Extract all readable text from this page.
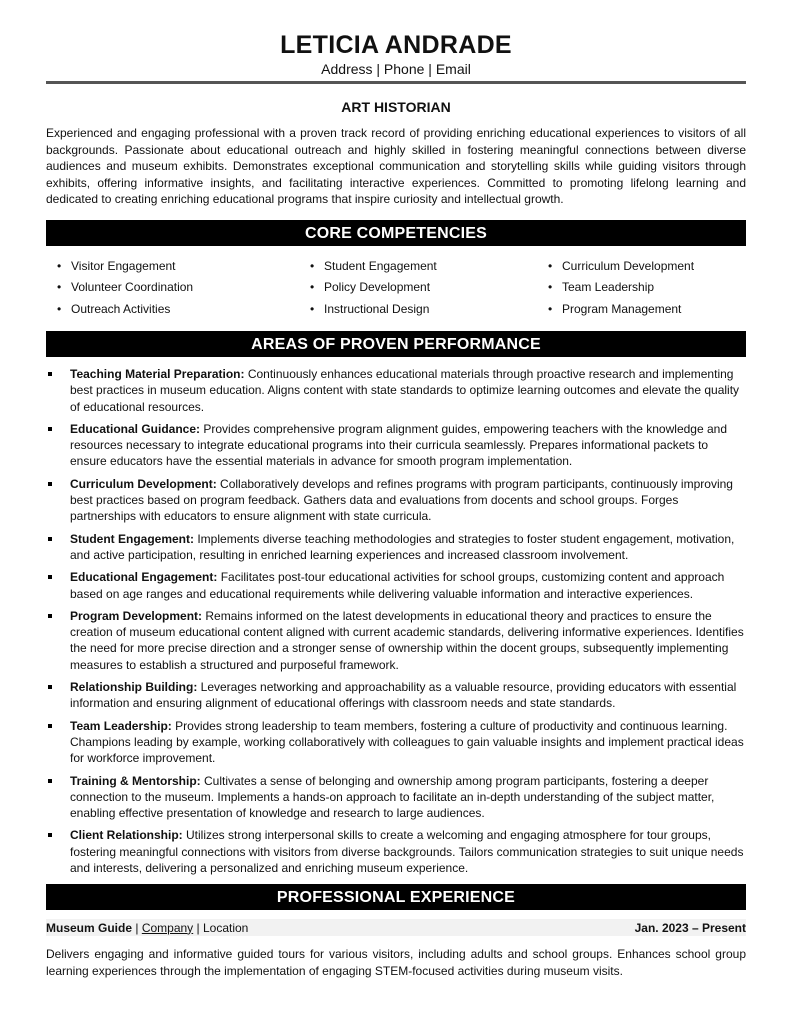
LETICIA ANDRADE
Address | Phone | Email
ART HISTORIAN
Experienced and engaging professional with a proven track record of providing enriching educational experiences to visitors of all backgrounds. Passionate about educational outreach and highly skilled in fostering meaningful connections between diverse audiences and museum exhibits. Demonstrates exceptional communication and storytelling skills while guiding visitors through exhibits, offering informative insights, and facilitating interactive experiences. Committed to promoting lifelong learning and dedicated to creating enriching educational programs that inspire curiosity and intellectual growth.
CORE COMPETENCIES
• Visitor Engagement
• Volunteer Coordination
• Outreach Activities
• Student Engagement
• Policy Development
• Instructional Design
• Curriculum Development
• Team Leadership
• Program Management
AREAS OF PROVEN PERFORMANCE
Teaching Material Preparation: Continuously enhances educational materials through proactive research and implementing best practices in museum education. Aligns content with state standards to optimize learning outcomes and elevate the quality of educational resources.
Educational Guidance: Provides comprehensive program alignment guides, empowering teachers with the knowledge and resources necessary to integrate educational programs into their curricula seamlessly. Prepares informational packets to ensure educators have the essential materials in advance for smooth program implementation.
Curriculum Development: Collaboratively develops and refines programs with program participants, continuously improving best practices based on program feedback. Gathers data and evaluations from docents and school groups. Forges partnerships with educators to ensure alignment with state curricula.
Student Engagement: Implements diverse teaching methodologies and strategies to foster student engagement, motivation, and active participation, resulting in enriched learning experiences and increased classroom involvement.
Educational Engagement: Facilitates post-tour educational activities for school groups, customizing content and approach based on age ranges and educational requirements while delivering valuable information and interactive experiences.
Program Development: Remains informed on the latest developments in educational theory and practices to ensure the creation of museum educational content aligned with current academic standards, delivering informative experiences. Identifies the need for more precise direction and a stronger sense of ownership within the docent groups, subsequently implementing measures to establish a structured and purposeful framework.
Relationship Building: Leverages networking and approachability as a valuable resource, providing educators with essential information and ensuring alignment of educational offerings with classroom needs and state standards.
Team Leadership: Provides strong leadership to team members, fostering a culture of productivity and continuous learning. Champions leading by example, working collaboratively with colleagues to gain valuable insights and implement practical ideas for workforce improvement.
Training & Mentorship: Cultivates a sense of belonging and ownership among program participants, fostering a deeper connection to the museum. Implements a hands-on approach to facilitate an in-depth understanding of the subject matter, enabling effective presentation of knowledge and research to large audiences.
Client Relationship: Utilizes strong interpersonal skills to create a welcoming and engaging atmosphere for tour groups, fostering meaningful connections with visitors from diverse backgrounds. Tailors communication strategies to suit unique needs and interests, delivering a personalized and enriching museum experience.
PROFESSIONAL EXPERIENCE
Museum Guide | Company | Location	Jan. 2023 – Present
Delivers engaging and informative guided tours for various visitors, including adults and school groups. Enhances school group learning experiences through the implementation of engaging STEM-focused activities during museum visits.
